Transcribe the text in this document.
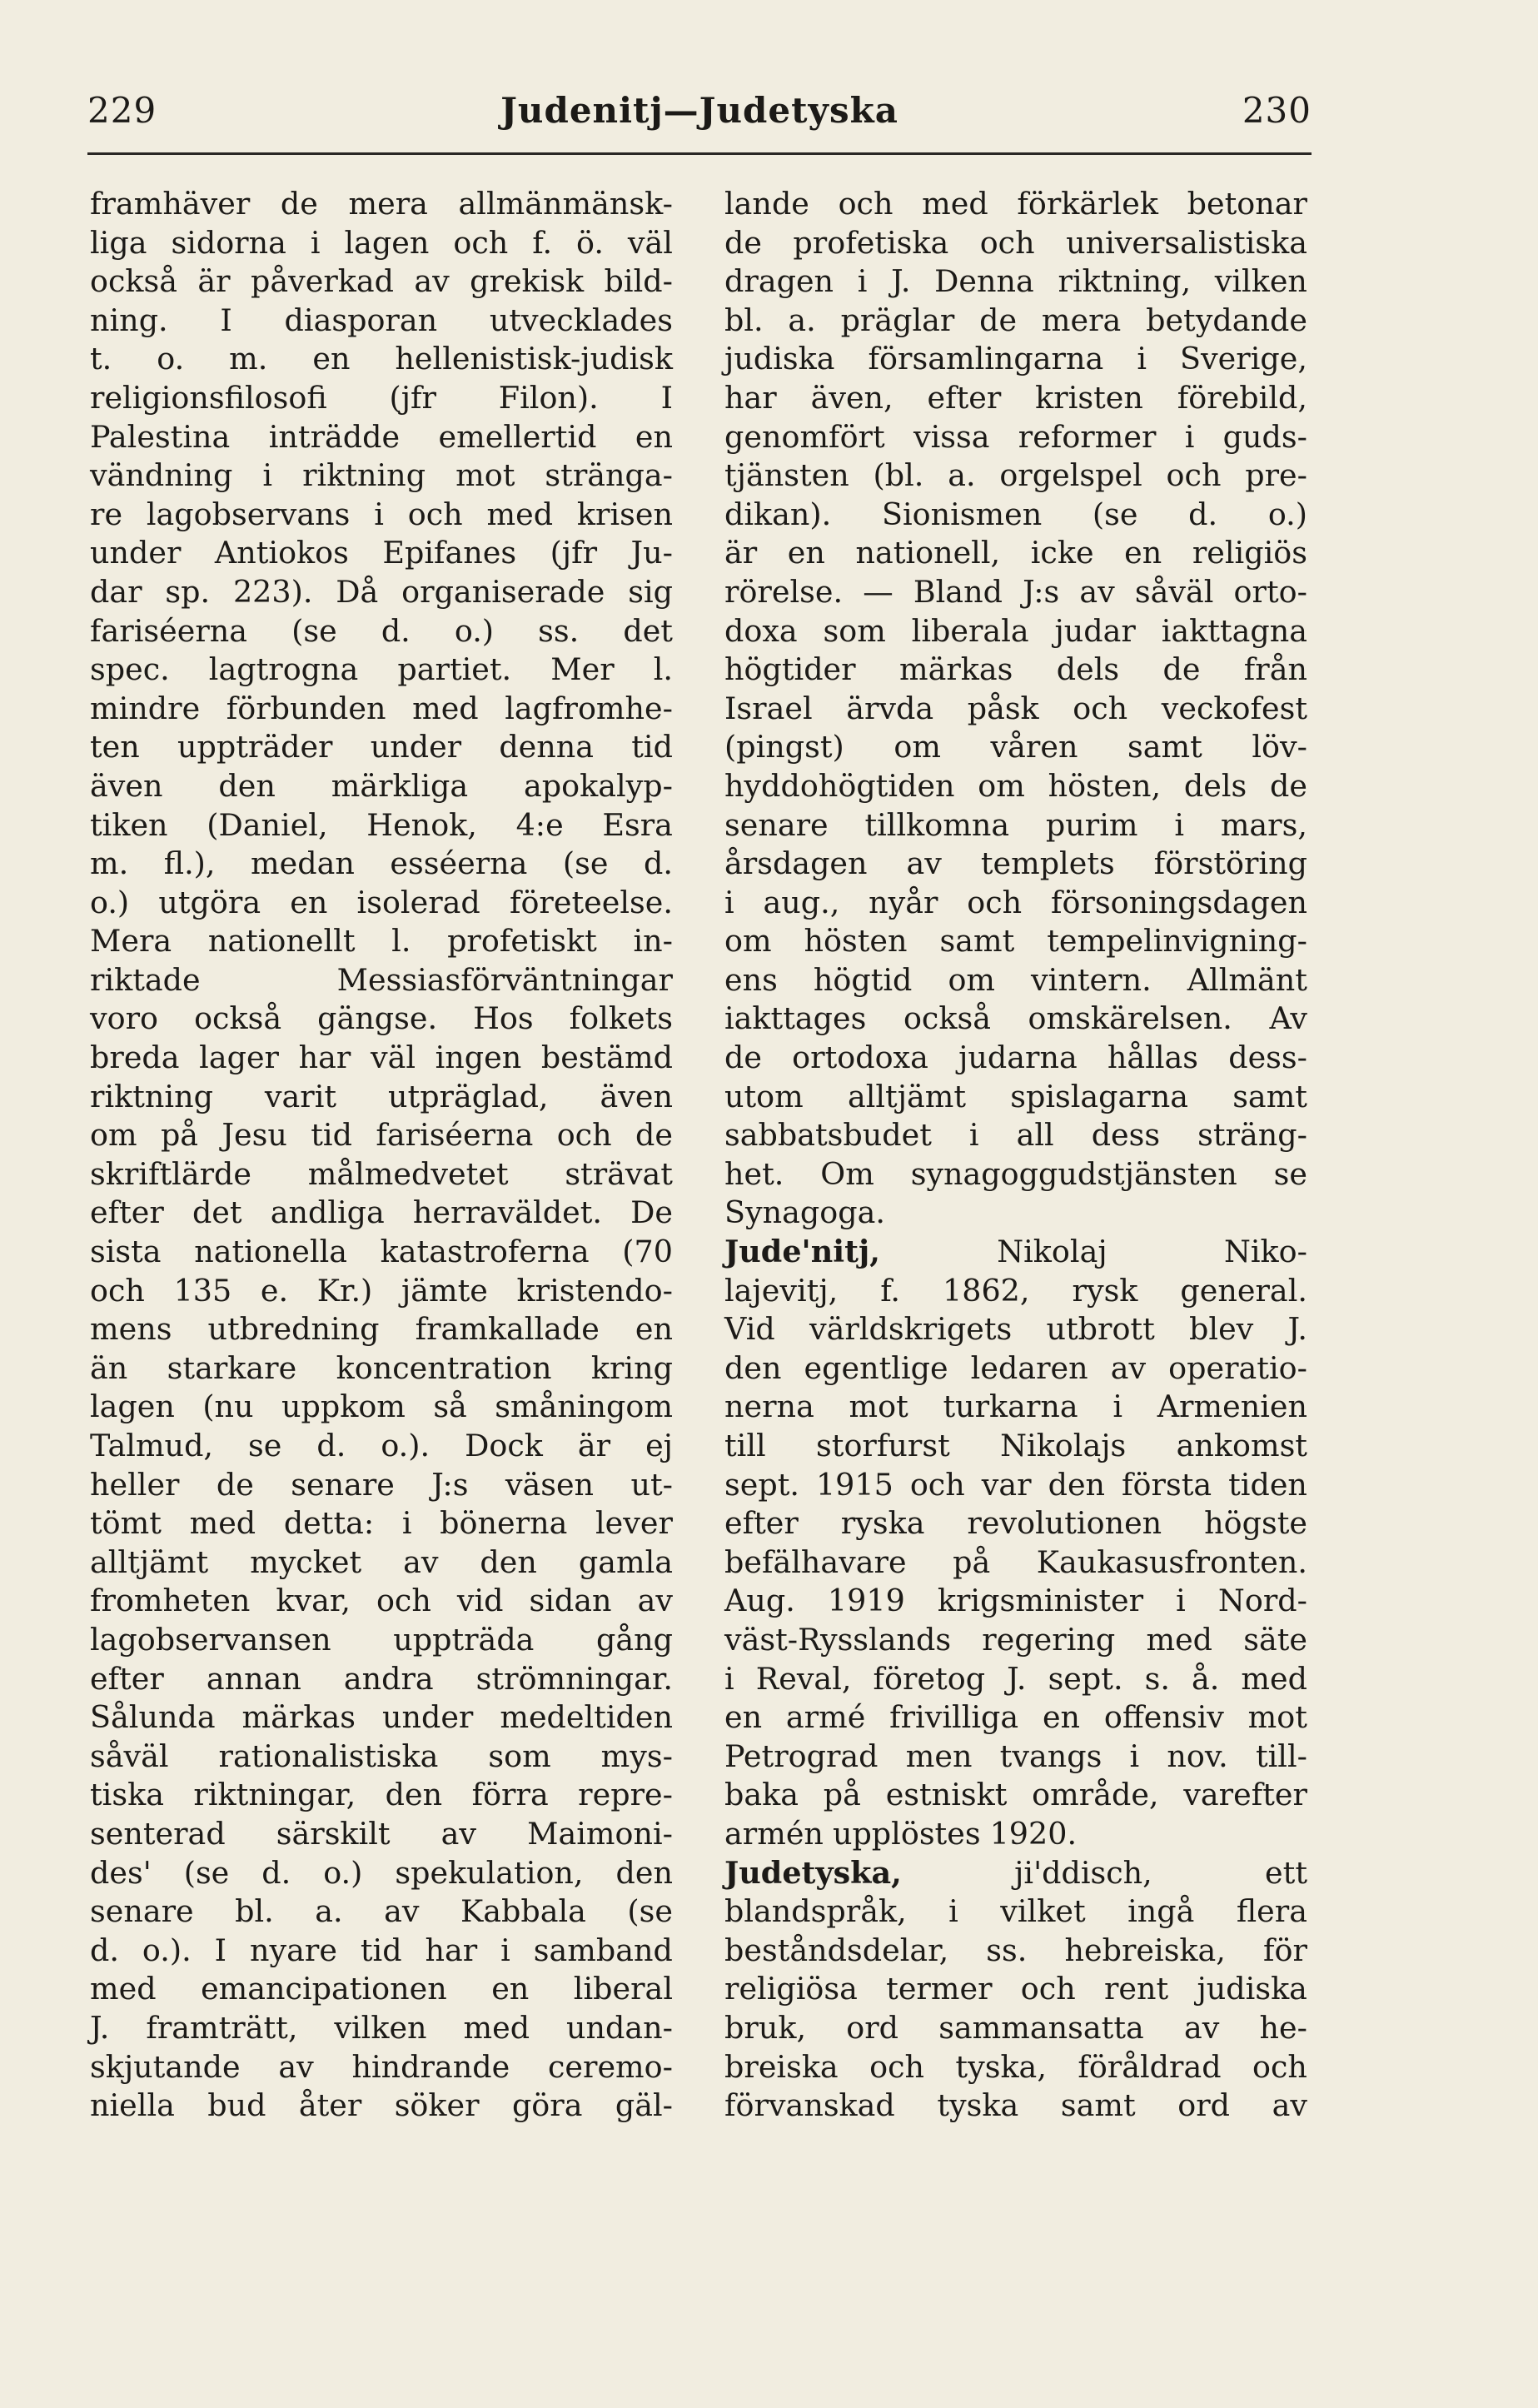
229	Judenitj—Judetyska	230
framhäver de mera allmänmänsk-
liga sidorna i lagen och f. ö. väl
också är påverkad av grekisk bild-
ning. I diasporan utvecklades
t. o. m. en hellenistisk-judisk
religionsfilosofi (jfr Filon). I
Palestina inträdde emellertid en
vändning i riktning mot stränga-
re lagobservans i och med krisen
under Antiokos Epifanes (jfr Ju-
dar sp. 223). Då organiserade sig
fariséerna (se d. o.) ss. det
spec. lagtrogna partiet. Mer l.
mindre förbunden med lagfromhe-
ten uppträder under denna tid
även den märkliga apokalyp-
tiken (Daniel, Henok, 4:e Esra
m. fl.), medan esséerna (se d.
o.) utgöra en isolerad företeelse.
Mera nationellt l. profetiskt in-
riktade	Messiasförväntningar
voro också gängse. Hos folkets
breda lager har väl ingen bestämd
riktning varit utpräglad, även
om på Jesu tid fariséerna och de
skriftlärde målmedvetet strävat
efter det andliga herraväldet. De
sista nationella katastroferna (70
och 135 e. Kr.) jämte kristendo-
mens utbredning framkallade en
än starkare koncentration kring
lagen (nu uppkom så småningom
Talmud, se d. o.). Dock är ej
heller de senare J:s väsen ut-
tömt med detta: i bönerna lever
alltjämt mycket av den gamla
fromheten kvar, och vid sidan av
lagobservansen uppträda gång
efter annan andra strömningar.
Sålunda märkas under medeltiden
såväl rationalistiska som mys-
tiska riktningar, den förra repre-
senterad särskilt av Maimoni-
des' (se d. o.) spekulation, den
senare bl. a. av Kabbala (se
d. o.). I nyare tid har i samband
med emancipationen en liberal
J. framträtt, vilken med undan-
skjutande av hindrande ceremo-
niella bud åter söker göra gäl-
lande och med förkärlek betonar
de profetiska och universalistiska
dragen i J. Denna riktning, vilken
bl. a. präglar de mera betydande
judiska församlingarna i Sverige,
har även, efter kristen förebild,
genomfört vissa reformer i guds-
tjänsten (bl. a. orgelspel och pre-
dikan). Sionismen (se d. o.)
är en nationell, icke en religiös
rörelse. — Bland J:s av såväl orto-
doxa som liberala judar iakttagna
högtider märkas dels de från
Israel ärvda påsk och veckofest
(pingst) om våren samt löv-
hyddohögtiden om hösten, dels de
senare tillkomna purim i mars,
årsdagen av templets förstöring
i aug., nyår och försoningsdagen
om hösten samt tempelinvigning-
ens högtid om vintern. Allmänt
iakttages också omskärelsen. Av
de ortodoxa judarna hållas dess-
utom alltjämt spislagarna samt
sabbatsbudet i all dess sträng-
het. Om synagoggudstjänsten se
Synagoga.
Jude'nitj,	Nikolaj	Niko-
lajevitj, f. 1862, rysk general.
Vid världskrigets utbrott blev J.
den egentlige ledaren av operatio-
nerna mot turkarna i Armenien
till storfurst Nikolajs ankomst
sept. 1915 och var den första tiden
efter ryska revolutionen högste
befälhavare på Kaukasusfronten.
Aug. 1919 krigsminister i Nord-
väst-Rysslands regering med säte
i Reval, företog J. sept. s. å. med
en armé frivilliga en offensiv mot
Petrograd men tvangs i nov. till-
baka på estniskt område, varefter
armén upplöstes 1920.
Judetyska,	ji'ddisch,	ett
blandspråk, i vilket ingå flera
beståndsdelar, ss. hebreiska, för
religiösa termer och rent judiska
bruk, ord sammansatta av he-
breiska och tyska, föråldrad och
förvanskad tyska samt ord av
